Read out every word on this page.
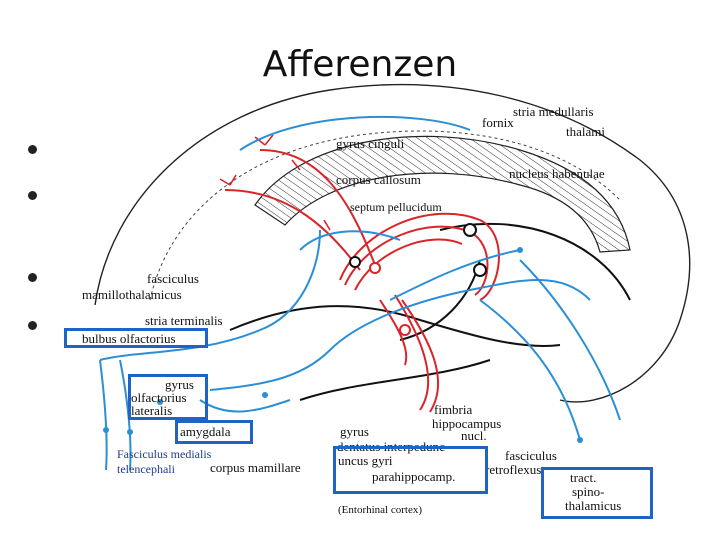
Afferenzen
fornix
stria medullaris
thalami
gyrus cinguli
corpus callosum	nucleus habenulae
septum pellucidum
fasciculus
mamillothalamicus
stria terminalis
bulbus olfactorius
gyrus
olfactorius
lateralis
amygdala
fimbria
hippocampus
gyrus	nucl.
dentatus interpedunc
fasciculus
uncus gyri
parahippocamp.
corpus mamillare	retroflexus
tract.
spino-
thalamicus
Fasciculus medialis
telencephali
(Entorhinal cortex)
